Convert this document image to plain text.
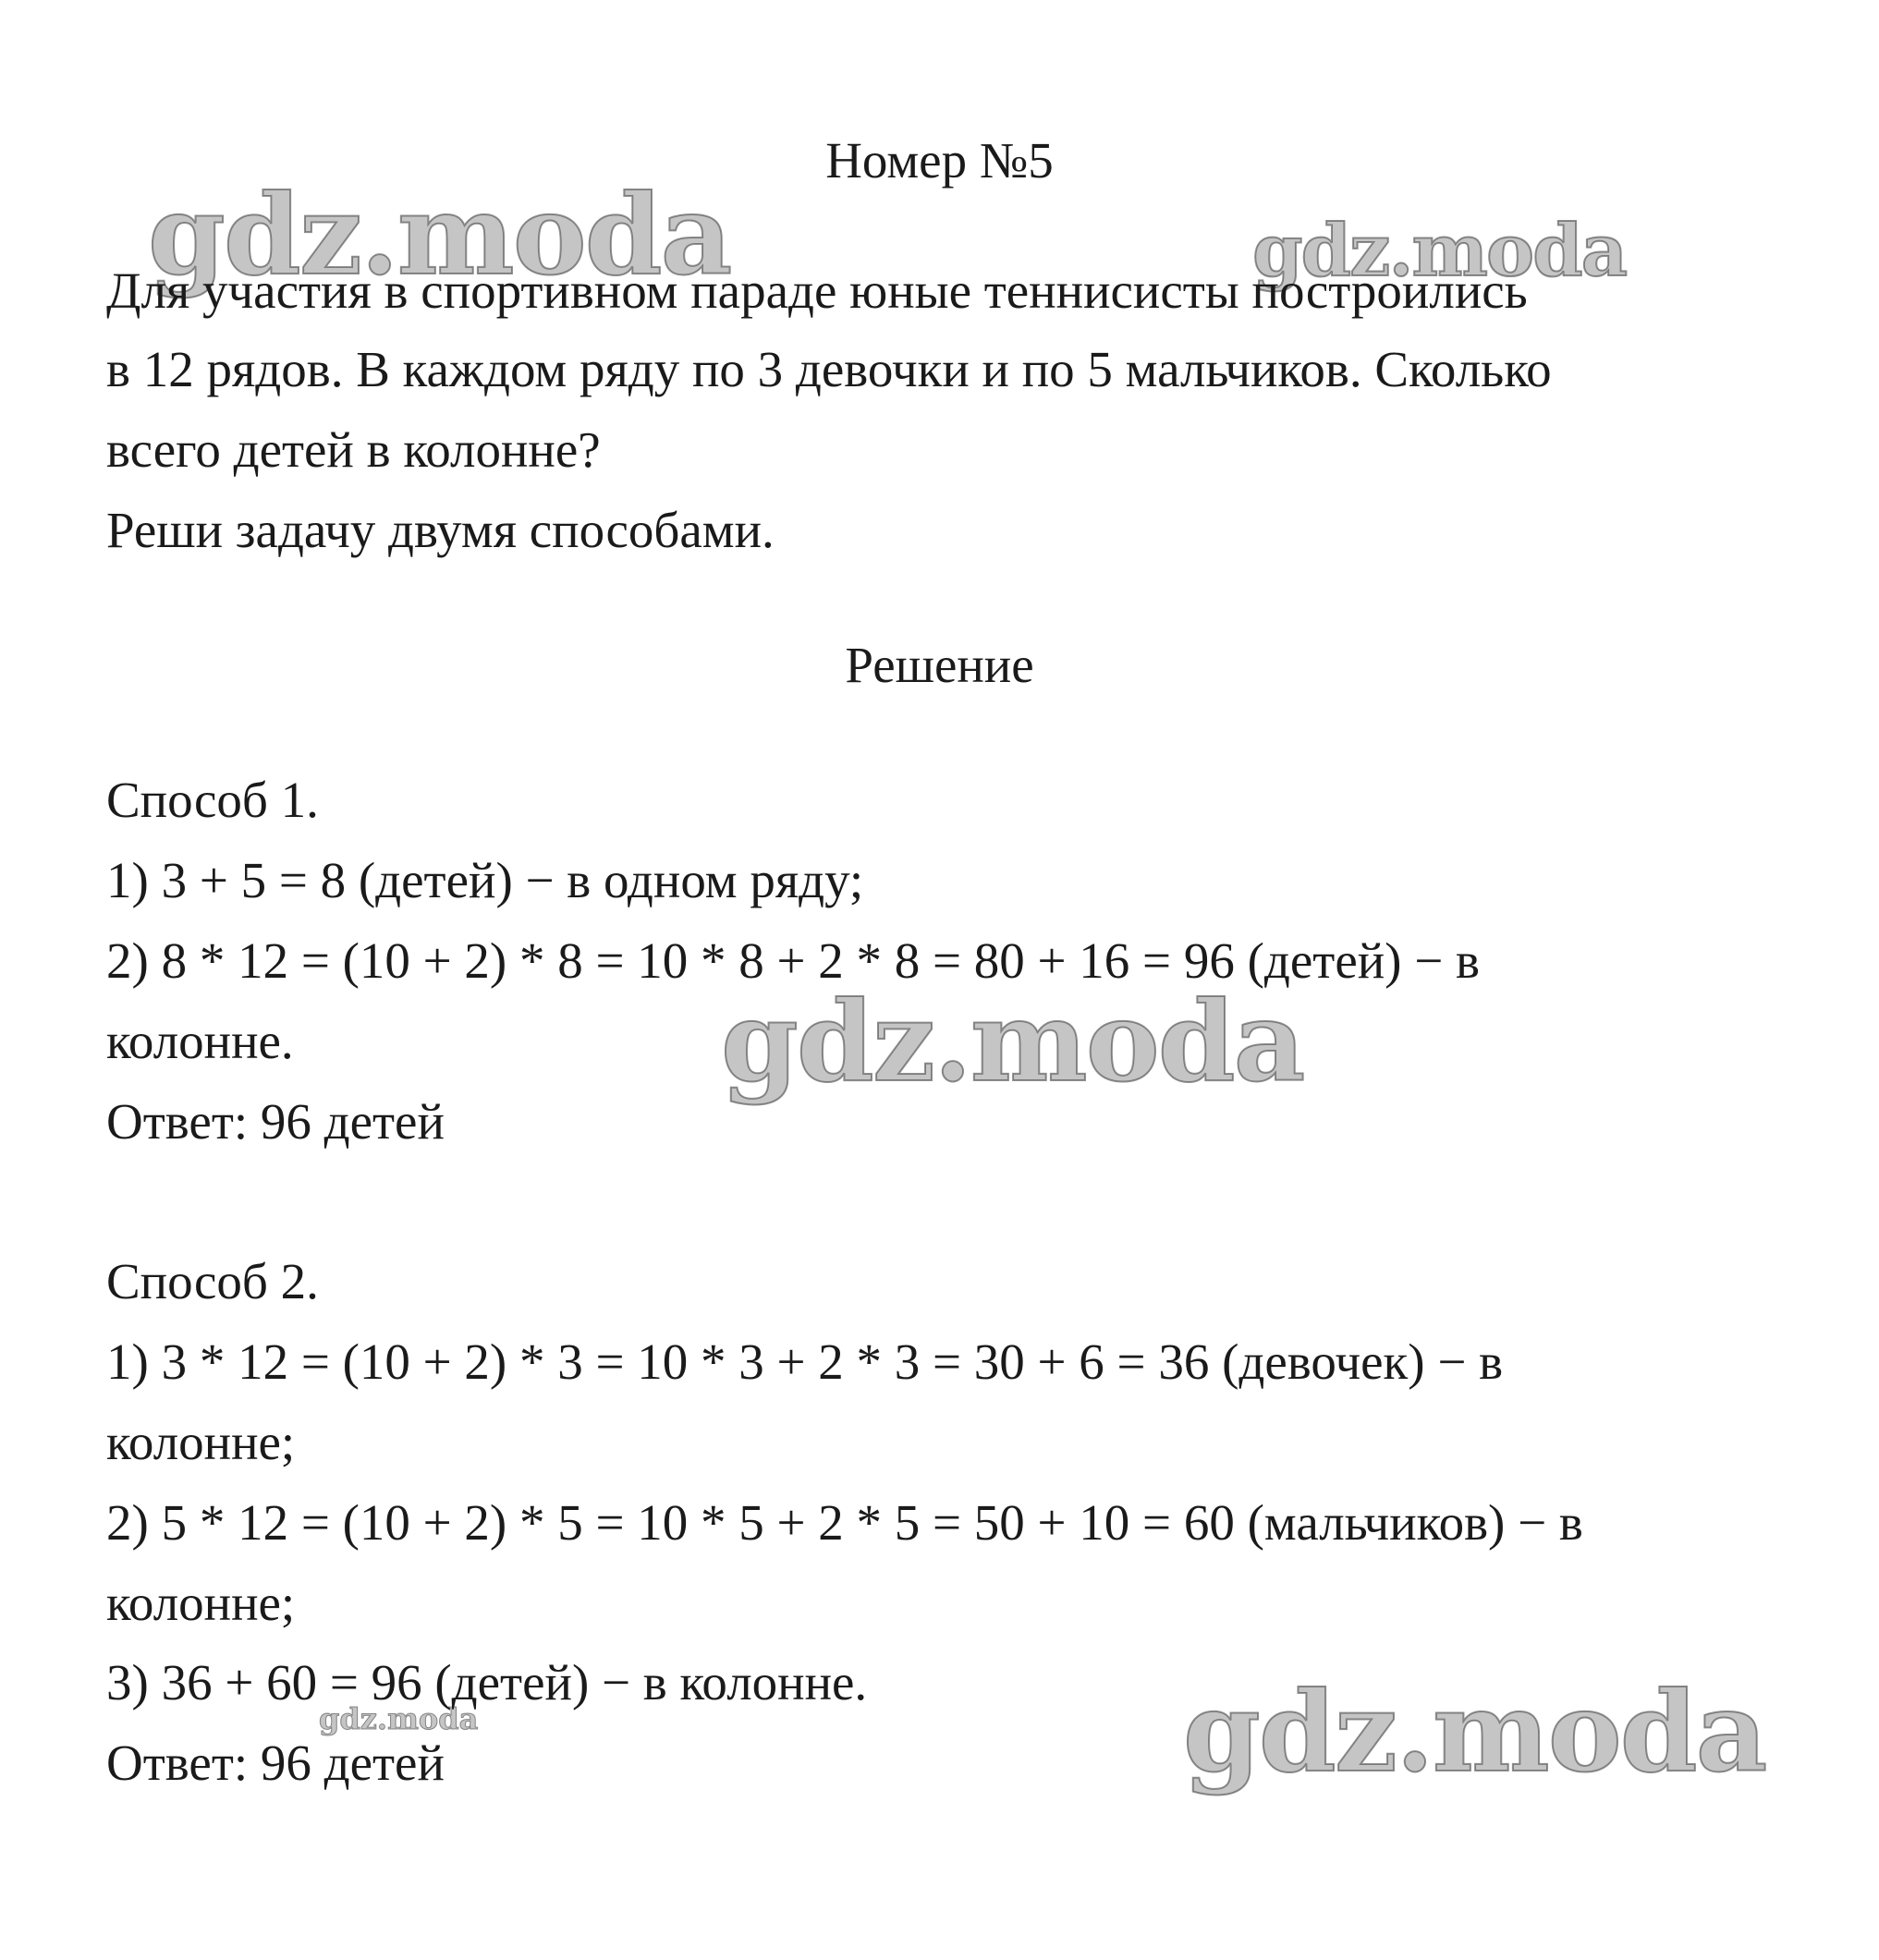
gdz.moda	gdz.moda
gdz.moda
gdz.moda	gdz.moda
Номер №5
Для участия в спортивном параде юные теннисисты построились
в 12 рядов. В каждом ряду по 3 девочки и по 5 мальчиков. Сколько
всего детей в колонне?
Реши задачу двумя способами.
Решение
Способ 1.
1) 3 + 5 = 8 (детей) − в одном ряду;
2) 8 * 12 = (10 + 2) * 8 = 10 * 8 + 2 * 8 = 80 + 16 = 96 (детей) − в
колонне.
Ответ: 96 детей
Способ 2.
1) 3 * 12 = (10 + 2) * 3 = 10 * 3 + 2 * 3 = 30 + 6 = 36 (девочек) − в
колонне;
2) 5 * 12 = (10 + 2) * 5 = 10 * 5 + 2 * 5 = 50 + 10 = 60 (мальчиков) − в
колонне;
3) 36 + 60 = 96 (детей) − в колонне.
Ответ: 96 детей
